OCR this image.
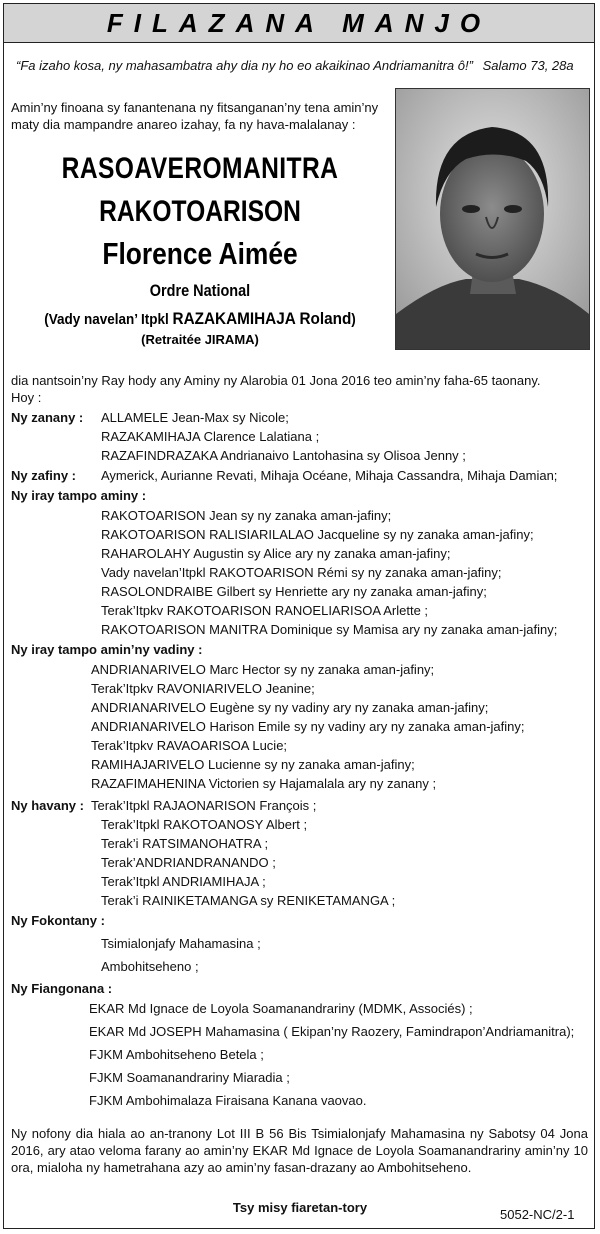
FILAZANA MANJO
“Fa izaho kosa, ny mahasambatra ahy dia ny ho eo akaikinao Andriamanitra ô!” Salamo 73, 28a
Amin’ny finoana sy fanantenana ny fitsanganan’ny tena amin’ny
maty dia mampandre anareo izahay, fa ny hava-malalanay :
RASOAVEROMANITRA
RAKOTOARISON
Florence Aimée
Ordre National
(Vady navelan’ Itpkl RAZAKAMIHAJA Roland)
(Retraitée JIRAMA)
dia nantsoin’ny Ray hody any Aminy ny Alarobia 01 Jona 2016 teo amin’ny faha-65 taonany.
Hoy :
Ny zanany : ALLAMELE Jean-Max sy Nicole;
RAZAKAMIHAJA Clarence Lalatiana ;
RAZAFINDRAZAKA Andrianaivo Lantohasina sy Olisoa Jenny ;
Ny zafiny : Aymerick, Aurianne Revati, Mihaja Océane, Mihaja Cassandra, Mihaja Damian;
Ny iray tampo aminy :
RAKOTOARISON Jean sy ny zanaka aman-jafiny;
RAKOTOARISON RALISIARILALAO Jacqueline sy ny zanaka aman-jafiny;
RAHAROLAHY Augustin sy Alice ary ny zanaka aman-jafiny;
Vady navelan’Itpkl RAKOTOARISON Rémi sy ny zanaka aman-jafiny;
RASOLONDRAIBE Gilbert sy Henriette ary ny zanaka aman-jafiny;
Terak’Itpkv RAKOTOARISON RANOELIARISOA Arlette ;
RAKOTOARISON MANITRA Dominique sy Mamisa ary ny zanaka aman-jafiny;
Ny iray tampo amin’ny vadiny :
ANDRIANARIVELO Marc Hector sy ny zanaka aman-jafiny;
Terak’Itpkv RAVONIARIVELO Jeanine;
ANDRIANARIVELO Eugène sy ny vadiny ary ny zanaka aman-jafiny;
ANDRIANARIVELO Harison Emile sy ny vadiny ary ny zanaka aman-jafiny;
Terak’Itpkv RAVAOARISOA Lucie;
RAMIHAJARIVELO Lucienne sy ny zanaka aman-jafiny;
RAZAFIMAHENINA Victorien sy Hajamalala ary ny zanany ;
Ny havany : Terak’Itpkl RAJAONARISON François ;
Terak’Itpkl RAKOTOANOSY Albert ;
Terak’i RATSIMANOHATRA ;
Terak’ANDRIANDRANANDO ;
Terak’Itpkl ANDRIAMIHAJA ;
Terak’i RAINIKETAMANGA sy RENIKETAMANGA ;
Ny Fokontany :
Tsimialonjafy Mahamasina ;
Ambohitseheno ;
Ny Fiangonana :
EKAR Md Ignace de Loyola Soamanandrariny (MDMK, Associés) ;
EKAR Md JOSEPH Mahamasina ( Ekipan’ny Raozery, Famindrapon’Andriamanitra);
FJKM Ambohitseheno Betela ;
FJKM Soamanandrariny Miaradia ;
FJKM Ambohimalaza Firaisana Kanana vaovao.
Ny nofony dia hiala ao an-tranony Lot III B 56 Bis Tsimialonjafy Mahamasina ny Sabotsy 04 Jona 2016, ary atao veloma farany ao amin’ny EKAR Md Ignace de Loyola Soamanandrariny amin’ny 10 ora, mialoha ny hametrahana azy ao amin’ny fasan-drazany ao Ambohitseheno.
Tsy misy fiaretan-tory	5052-NC/2-1
